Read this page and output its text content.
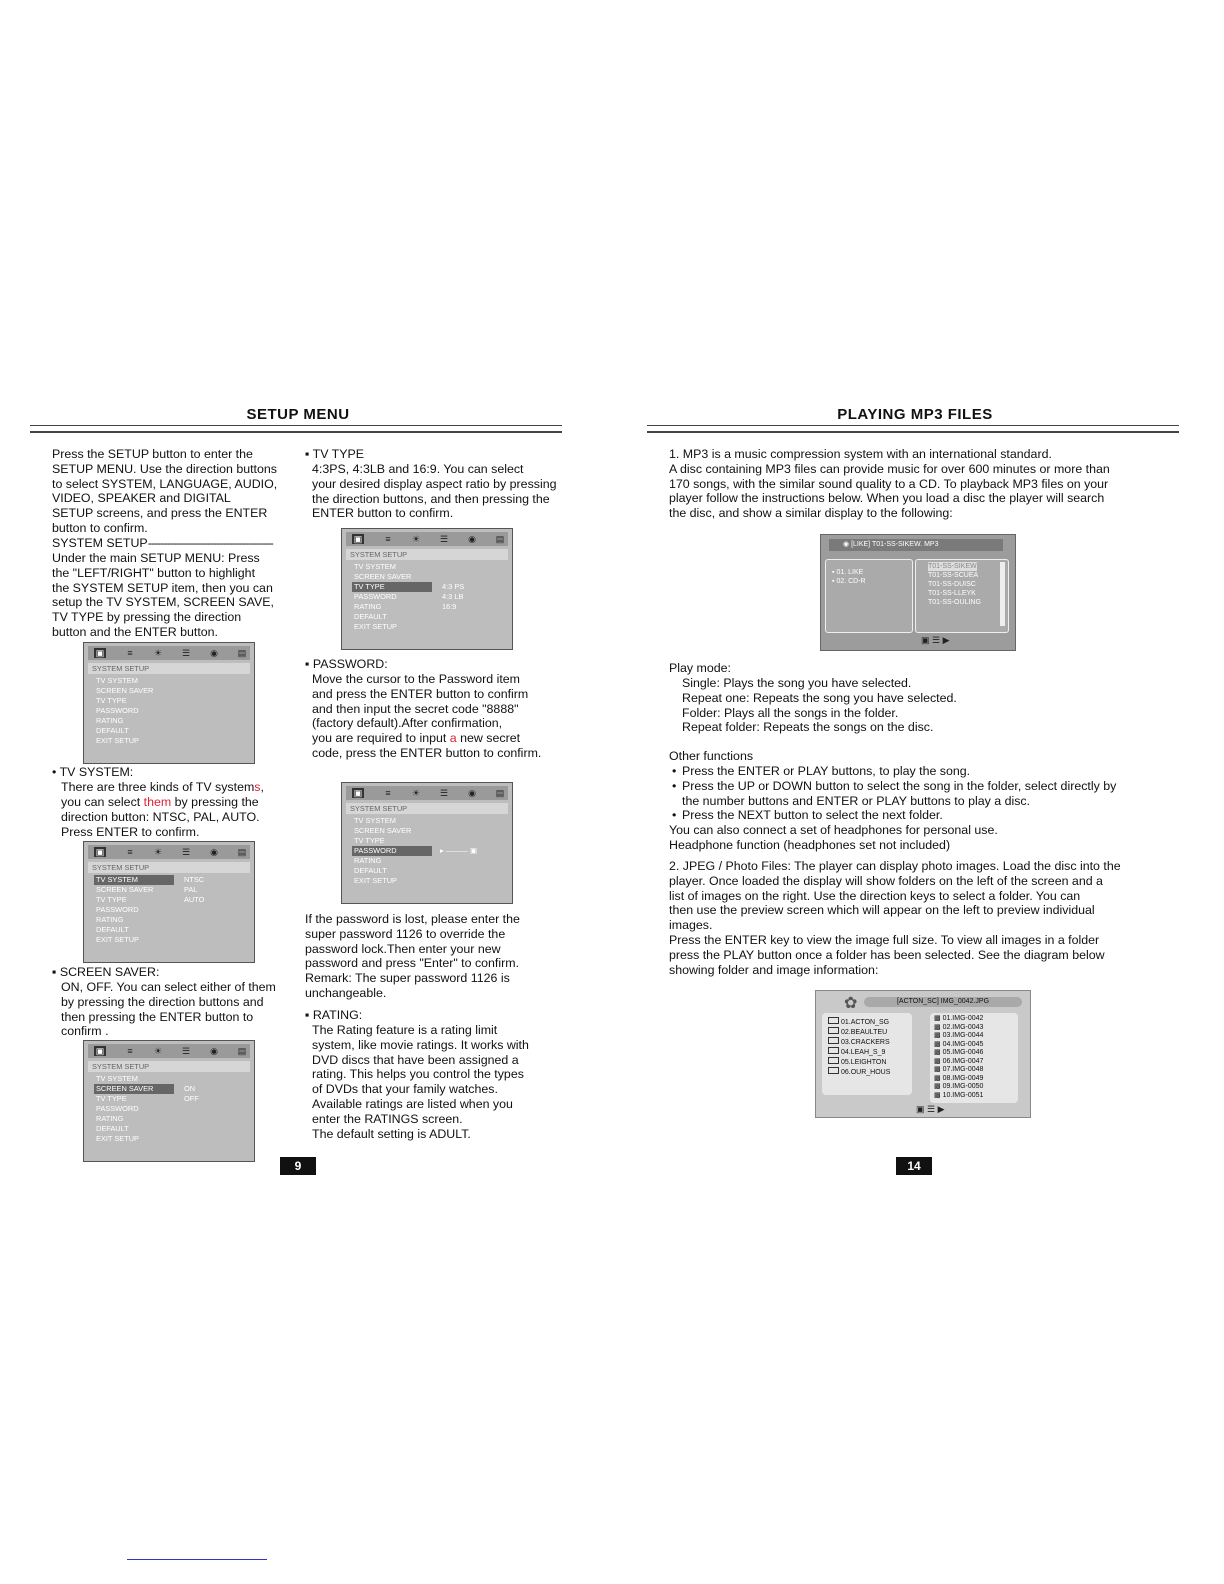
SETUP MENU
Press the SETUP button to enter the
SETUP MENU. Use the direction buttons
to select SYSTEM, LANGUAGE, AUDIO,
VIDEO, SPEAKER and DIGITAL
SETUP screens, and press the ENTER
button to confirm.
SYSTEM SETUP----------------------------------------
Under the main SETUP MENU: Press
the "LEFT/RIGHT" button to highlight
the SYSTEM SETUP item, then you can
setup the TV SYSTEM, SCREEN SAVE,
TV TYPE by pressing the direction
button and the ENTER button.
▣	≡	☀ ☰ ◉ ▤
SYSTEM SETUP
TV SYSTEM
SCREEN SAVER
TV TYPE
PASSWORD
RATING
DEFAULT
EXIT SETUP
• TV SYSTEM:
There are three kinds of TV systems,
you can select them by pressing the
direction button: NTSC, PAL, AUTO.
Press ENTER to confirm.
▣	≡	☀ ☰ ◉ ▤
SYSTEM SETUP
TV SYSTEM
SCREEN SAVER
TV TYPE
PASSWORD
RATING
DEFAULT
EXIT SETUP
NTSC
PAL
AUTO
▪ SCREEN SAVER:
ON, OFF. You can select either of them
by pressing the direction buttons and
then pressing the ENTER button to
confirm .
▣	≡	☀ ☰ ◉ ▤
SYSTEM SETUP
TV SYSTEM
SCREEN SAVER
TV TYPE
PASSWORD
RATING
DEFAULT
EXIT SETUP
ON
OFF
▪ TV TYPE
4:3PS, 4:3LB and 16:9. You can select
your desired display aspect ratio by pressing
the direction buttons, and then pressing the
ENTER button to confirm.
▣	≡	☀ ☰ ◉ ▤
SYSTEM SETUP
TV SYSTEM
SCREEN SAVER
TV TYPE
PASSWORD
RATING
DEFAULT
EXIT SETUP
4:3 PS
4:3 LB
16:9
▪ PASSWORD:
Move the cursor to the Password item
and press the ENTER button to confirm
and then input the secret code "8888"
(factory default).After confirmation,
you are required to input a new secret
code, press the ENTER button to confirm.
▣	≡	☀ ☰ ◉ ▤
SYSTEM SETUP
TV SYSTEM
SCREEN SAVER
TV TYPE
PASSWORD
RATING
DEFAULT
EXIT SETUP
▸ ——— ▣
If the password is lost, please enter the
super password 1126 to override the
password lock.Then enter your new
password and press "Enter" to confirm.
Remark: The super password 1126 is
unchangeable.
▪ RATING:
The Rating feature is a rating limit
system, like movie ratings. It works with
DVD discs that have been assigned a
rating. This helps you control the types
of DVDs that your family watches.
Available ratings are listed when you
enter the RATINGS screen.
The default setting is ADULT.
9
PLAYING MP3 FILES
1. MP3 is a music compression system with an international standard.
A disc containing MP3 files can provide music for over 600 minutes or more than
170 songs, with the similar sound quality to a CD. To playback MP3 files on your
player follow the instructions below. When you load a disc the player will search
the disc, and show a similar display to the following:
◉ [LIKE] T01-SS-SIKEW. MP3
▪ 01. LIKE
▪ 02. CD-R
T01-SS-SIKEW
T01-SS-SCUEA
T01-SS-DUISC
T01-SS-LLEYK
T01-SS-OULING
▣ ☰ ▶
Play mode:
Single: Plays the song you have selected.
Repeat one: Repeats the song you have selected.
Folder: Plays all the songs in the folder.
Repeat folder: Repeats the songs on the disc.
Other functions
• Press the ENTER or PLAY buttons, to play the song.
• Press the UP or DOWN button to select the song in the folder, select directly by
the number buttons and ENTER or PLAY buttons to play a disc.
• Press the NEXT button to select the next folder.
You can also connect a set of headphones for personal use.
Headphone function (headphones set not included)
2. JPEG / Photo Files: The player can display photo images. Load the disc into the
player. Once loaded the display will show folders on the left of the screen and a
list of images on the right. Use the direction keys to select a folder. You can
then use the preview screen which will appear on the left to preview individual
images.
Press the ENTER key to view the image full size. To view all images in a folder
press the PLAY button once a folder has been selected. See the diagram below
showing folder and image information:
✿	[ACTON_SC] IMG_0042.JPG
01.ACTON_SG
02.BEAULTEU
03.CRACKERS
04.LEAH_S_9
05.LEIGHTON
06.OUR_HOUS
▩ 01.IMG-0042
▩ 02.IMG-0043
▩ 03.IMG-0044
▩ 04.IMG-0045
▩ 05.IMG-0046
▩ 06.IMG-0047
▩ 07.IMG-0048
▩ 08.IMG-0049
▩ 09.IMG-0050
▩ 10.IMG-0051
▣ ☰ ▶
14
